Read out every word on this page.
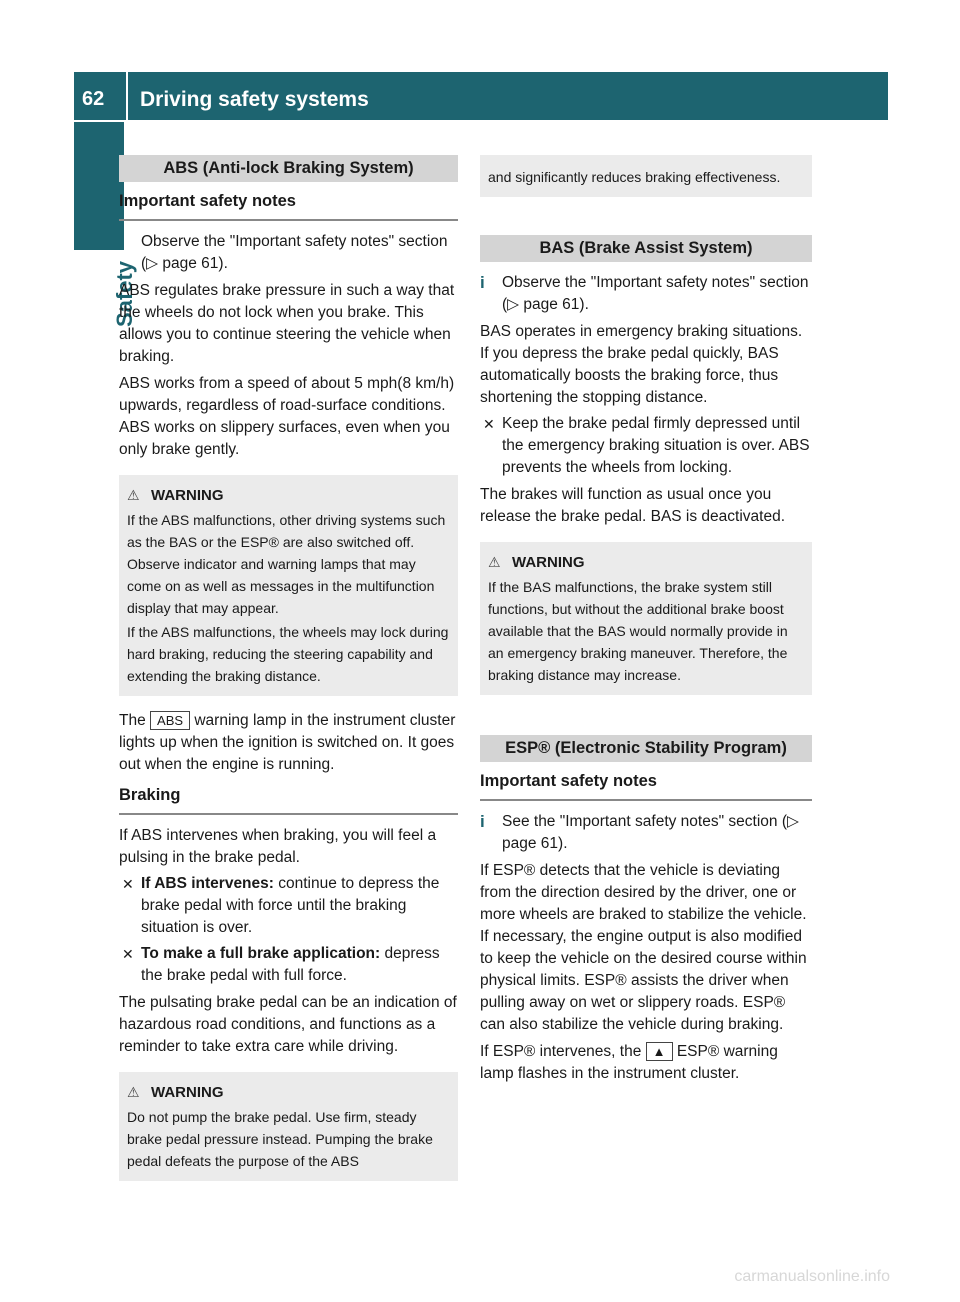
62 Driving safety systems
Safety
ABS (Anti-lock Braking System)
Important safety notes
i Observe the "Important safety notes" section (▷ page 61).
ABS regulates brake pressure in such a way that the wheels do not lock when you brake. This allows you to continue steering the vehicle when braking.
ABS works from a speed of about 5 mph(8 km/h) upwards, regardless of road-surface conditions. ABS works on slippery surfaces, even when you only brake gently.
⚠ WARNING

If the ABS malfunctions, other driving systems such as the BAS or the ESP® are also switched off. Observe indicator and warning lamps that may come on as well as messages in the multifunction display that may appear.

If the ABS malfunctions, the wheels may lock during hard braking, reducing the steering capability and extending the braking distance.

The ABS warning lamp in the instrument cluster lights up when the ignition is switched on. It goes out when the engine is running.
Braking
If ABS intervenes when braking, you will feel a pulsing in the brake pedal.
✕ If ABS intervenes: continue to depress the brake pedal with force until the braking situation is over.
✕ To make a full brake application: depress the brake pedal with full force.
The pulsating brake pedal can be an indication of hazardous road conditions, and functions as a reminder to take extra care while driving.
⚠ WARNING

Do not pump the brake pedal. Use firm, steady brake pedal pressure instead. Pumping the brake pedal defeats the purpose of the ABS

and significantly reduces braking effectiveness.

BAS (Brake Assist System)
i Observe the "Important safety notes" section (▷ page 61).
BAS operates in emergency braking situations. If you depress the brake pedal quickly, BAS automatically boosts the braking force, thus shortening the stopping distance.
✕ Keep the brake pedal firmly depressed until the emergency braking situation is over. ABS prevents the wheels from locking.
The brakes will function as usual once you release the brake pedal. BAS is deactivated.
⚠ WARNING

If the BAS malfunctions, the brake system still functions, but without the additional brake boost available that the BAS would normally provide in an emergency braking maneuver. Therefore, the braking distance may increase.

ESP® (Electronic Stability Program)
Important safety notes
i See the "Important safety notes" section (▷ page 61).
If ESP® detects that the vehicle is deviating from the direction desired by the driver, one or more wheels are braked to stabilize the vehicle. If necessary, the engine output is also modified to keep the vehicle on the desired course within physical limits. ESP® assists the driver when pulling away on wet or slippery roads. ESP® can also stabilize the vehicle during braking.
If ESP® intervenes, the ▲ ESP® warning lamp flashes in the instrument cluster.
carmanualsonline.info
